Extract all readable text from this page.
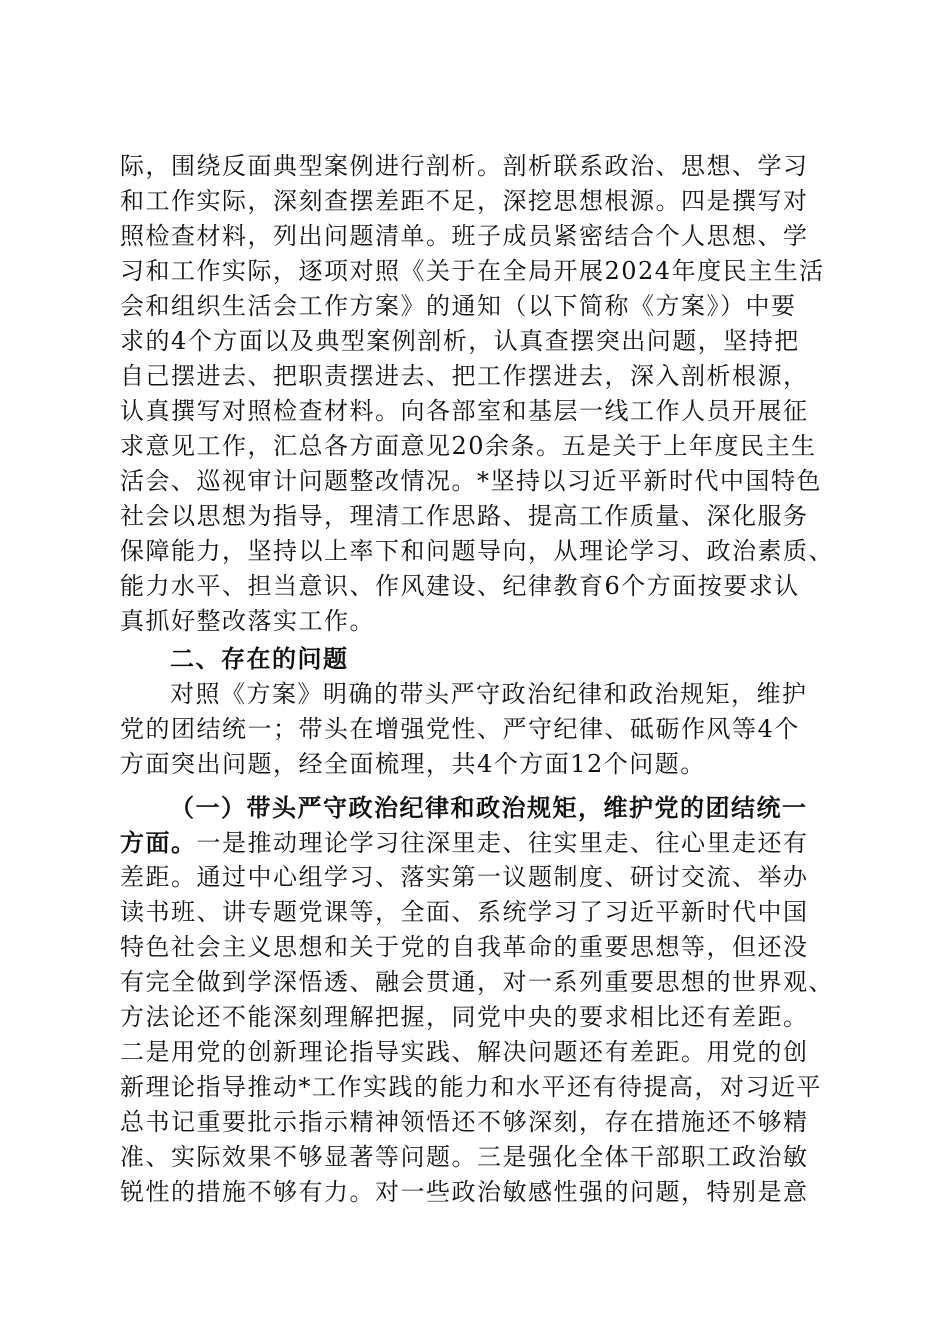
际，围绕反面典型案例进行剖析。剖析联系政治、思想、学习
和工作实际，深刻查摆差距不足，深挖思想根源。四是撰写对
照检查材料，列出问题清单。班子成员紧密结合个人思想、学
习和工作实际，逐项对照《关于在全局开展2024年度民主生活
会和组织生活会工作方案》的通知（以下简称《方案》）中要
求的4个方面以及典型案例剖析，认真查摆突出问题，坚持把
自己摆进去、把职责摆进去、把工作摆进去，深入剖析根源，
认真撰写对照检查材料。向各部室和基层一线工作人员开展征
求意见工作，汇总各方面意见20余条。五是关于上年度民主生
活会、巡视审计问题整改情况。*坚持以习近平新时代中国特色
社会以思想为指导，理清工作思路、提高工作质量、深化服务
保障能力，坚持以上率下和问题导向，从理论学习、政治素质、
能力水平、担当意识、作风建设、纪律教育6个方面按要求认
真抓好整改落实工作。
二、存在的问题
对照《方案》明确的带头严守政治纪律和政治规矩，维护
党的团结统一；带头在增强党性、严守纪律、砥砺作风等4个
方面突出问题，经全面梳理，共4个方面12个问题。
（一）带头严守政治纪律和政治规矩，维护党的团结统一
方面。一是推动理论学习往深里走、往实里走、往心里走还有
差距。通过中心组学习、落实第一议题制度、研讨交流、举办
读书班、讲专题党课等，全面、系统学习了习近平新时代中国
特色社会主义思想和关于党的自我革命的重要思想等，但还没
有完全做到学深悟透、融会贯通，对一系列重要思想的世界观、
方法论还不能深刻理解把握，同党中央的要求相比还有差距。
二是用党的创新理论指导实践、解决问题还有差距。用党的创
新理论指导推动*工作实践的能力和水平还有待提高，对习近平
总书记重要批示指示精神领悟还不够深刻，存在措施还不够精
准、实际效果不够显著等问题。三是强化全体干部职工政治敏
锐性的措施不够有力。对一些政治敏感性强的问题，特别是意
